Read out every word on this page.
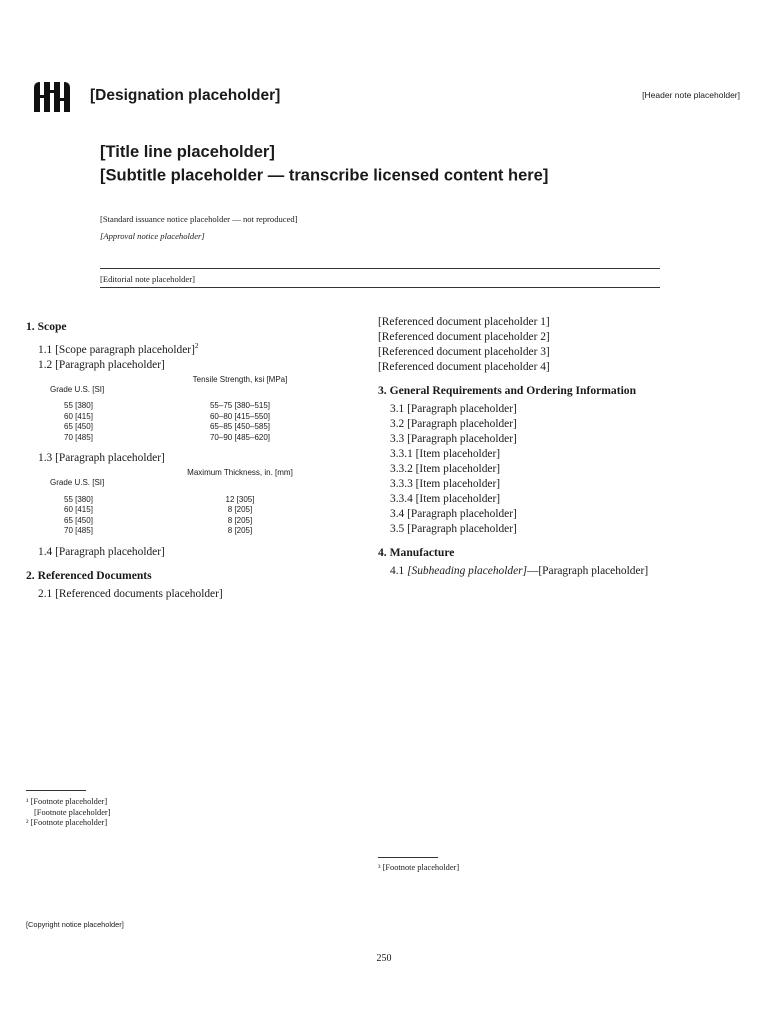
[Designation placeholder]	[Header note placeholder]
[Title line placeholder]
[Subtitle placeholder — transcribe licensed content here]

[Standard issuance notice placeholder — not reproduced]

[Approval notice placeholder]

[Editorial note placeholder]
1. Scope

1.1 [Scope paragraph placeholder]$^2$

1.2 [Paragraph placeholder]

Grade U.S. [SI]
Tensile Strength, ksi [MPa]
55 [380]	55–75 [380–515]
60 [415]	60–80 [415–550]
65 [450]	65–85 [450–585]
70 [485]	70–90 [485–620]

1.3 [Paragraph placeholder]

Grade U.S. [SI]
Maximum Thickness, in. [mm]
55 [380]	12 [305]
60 [415]	8 [205]
65 [450]	8 [205]
70 [485]	8 [205]

1.4 [Paragraph placeholder]

2. Referenced Documents

2.1 [Referenced documents placeholder]

¹ [Footnote placeholder]
[Footnote placeholder]
² [Footnote placeholder]

[Referenced document placeholder 1]

[Referenced document placeholder 2]

[Referenced document placeholder 3]

[Referenced document placeholder 4]

3. General Requirements and Ordering Information

3.1 [Paragraph placeholder]

3.2 [Paragraph placeholder]

3.3 [Paragraph placeholder]

3.3.1 [Item placeholder]

3.3.2 [Item placeholder]

3.3.3 [Item placeholder]

3.3.4 [Item placeholder]

3.4 [Paragraph placeholder]

3.5 [Paragraph placeholder]

4. Manufacture

4.1 [Subheading placeholder]—[Paragraph placeholder]

³ [Footnote placeholder]
[Copyright notice placeholder]
250
